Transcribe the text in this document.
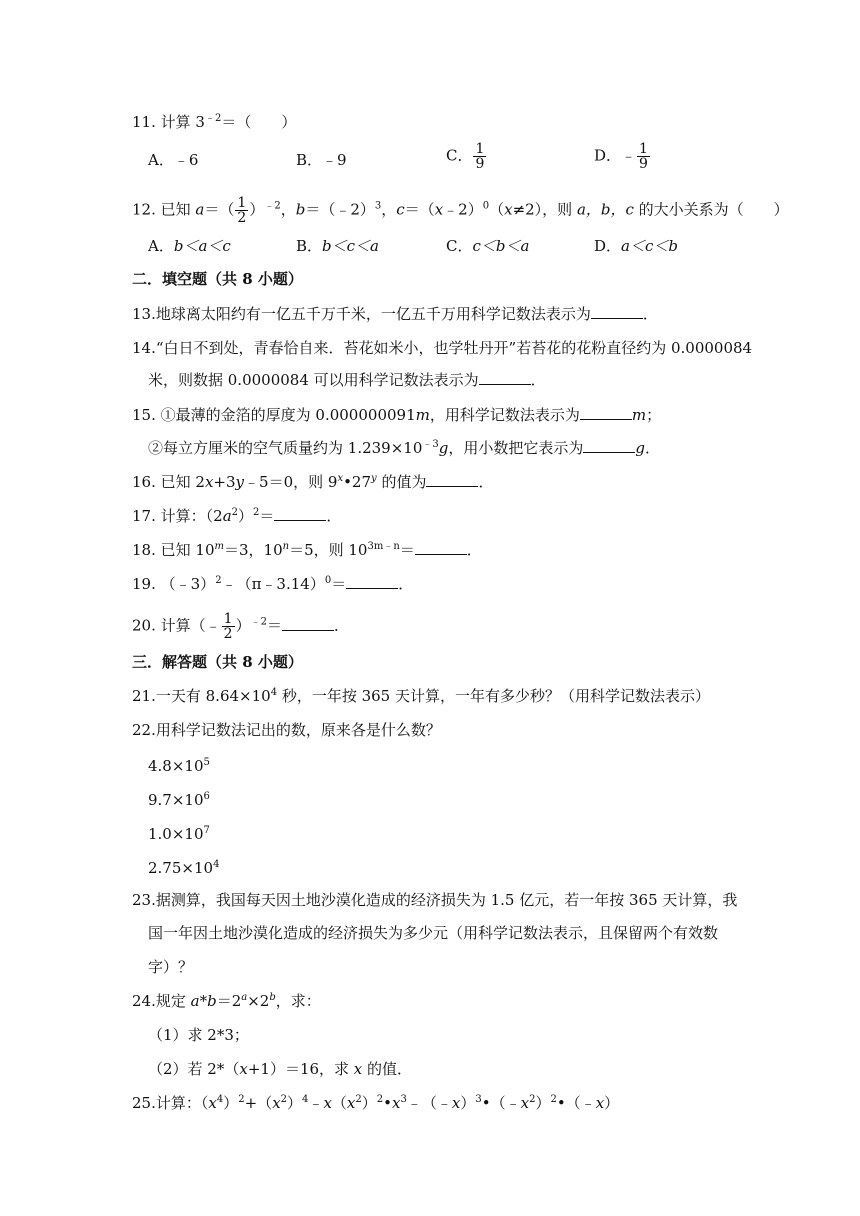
11. 计算 $3^{﹣2}=$（　　）
A．﹣6	B．﹣9	C． $\frac{1}{9}$	D．﹣ $\frac{1}{9}$
12. 已知 $a=( \frac{1}{2} )^{﹣2}$，b＝（﹣2）$^3$，c＝（x﹣2）$^0$（x≠2），则 a，b，c 的大小关系为（　　）
A．b＜a＜c	B．b＜c＜a	C．c＜b＜a	D．a＜c＜b
二．填空题（共 8 小题）
13.地球离太阳约有一亿五千万千米，一亿五千万用科学记数法表示为	．
14.“白日不到处，青春恰自来．苔花如米小，也学牡丹开”若苔花的花粉直径约为 0.0000084
米，则数据 0.0000084 可以用科学记数法表示为	．
15. ①最薄的金箔的厚度为 0.000000091m，用科学记数法表示为	m；
②每立方厘米的空气质量约为 $1.239\times 10^{﹣3}g$，用小数把它表示为	g．
16. 已知 2x+3y﹣5＝0，则 9$^x$•27$^y$ 的值为	．
17. 计算：$(2a^2)^2=$	．
18. 已知 $10^m=3$，$10^n=5$，则 $10^{3m﹣n}=$	．
19. （﹣3）$^2$﹣（π﹣3.14）$^0$＝	．
20. 计算（﹣ $\frac{1}{2} )^{﹣2}=$	．
三．解答题（共 8 小题）
21.一天有 $8.64\times 10^4$ 秒，一年按 365 天计算，一年有多少秒？（用科学记数法表示）
22.用科学记数法记出的数，原来各是什么数？
$4.8\times 10^5$
$9.7\times 10^6$
$1.0\times 10^7$
$2.75\times 10^4$
23.据测算，我国每天因土地沙漠化造成的经济损失为 1.5 亿元，若一年按 365 天计算，我
国一年因土地沙漠化造成的经济损失为多少元（用科学记数法表示，且保留两个有效数
字）？
24.规定 $a*b=2^a\times 2^b$，求：
（1）求 2*3；
（2）若 2*（x+1）＝16，求 x 的值．
25.计算：$(x^4)^2+(x^2)^4﹣x(x^2)^2•x^3﹣(﹣x)^3•(﹣x^2)^2•(﹣x)$
